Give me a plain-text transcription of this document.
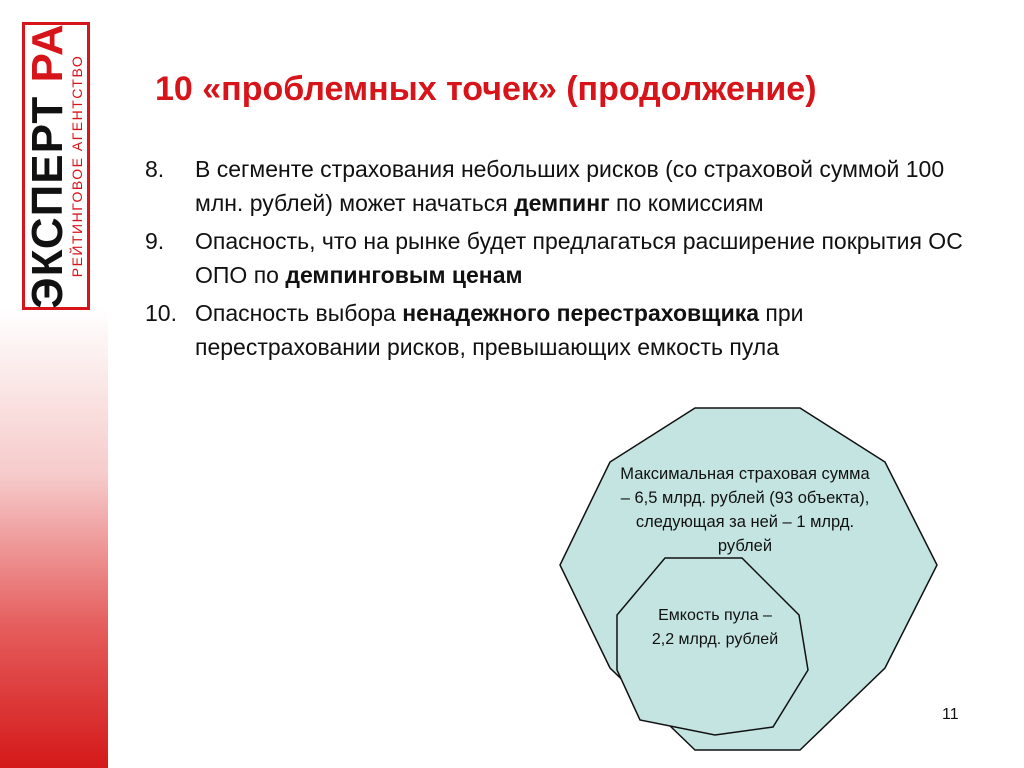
ЭКСПЕРТ РА
РЕЙТИНГОВОЕ АГЕНТСТВО 10 «проблемных точек» (продолжение)
8.	В сегменте страхования небольших рисков (со страховой суммой 100 млн. рублей) может начаться демпинг по комиссиям
9.	Опасность, что на рынке будет предлагаться расширение покрытия ОС ОПО по демпинговым ценам
10. Опасность выбора ненадежного перестраховщика при перестраховании рисков, превышающих емкость пула
Максимальная страховая сумма – 6,5 млрд. рублей (93 объекта), следующая за ней – 1 млрд. рублей
Емкость пула – 2,2 млрд. рублей
11
